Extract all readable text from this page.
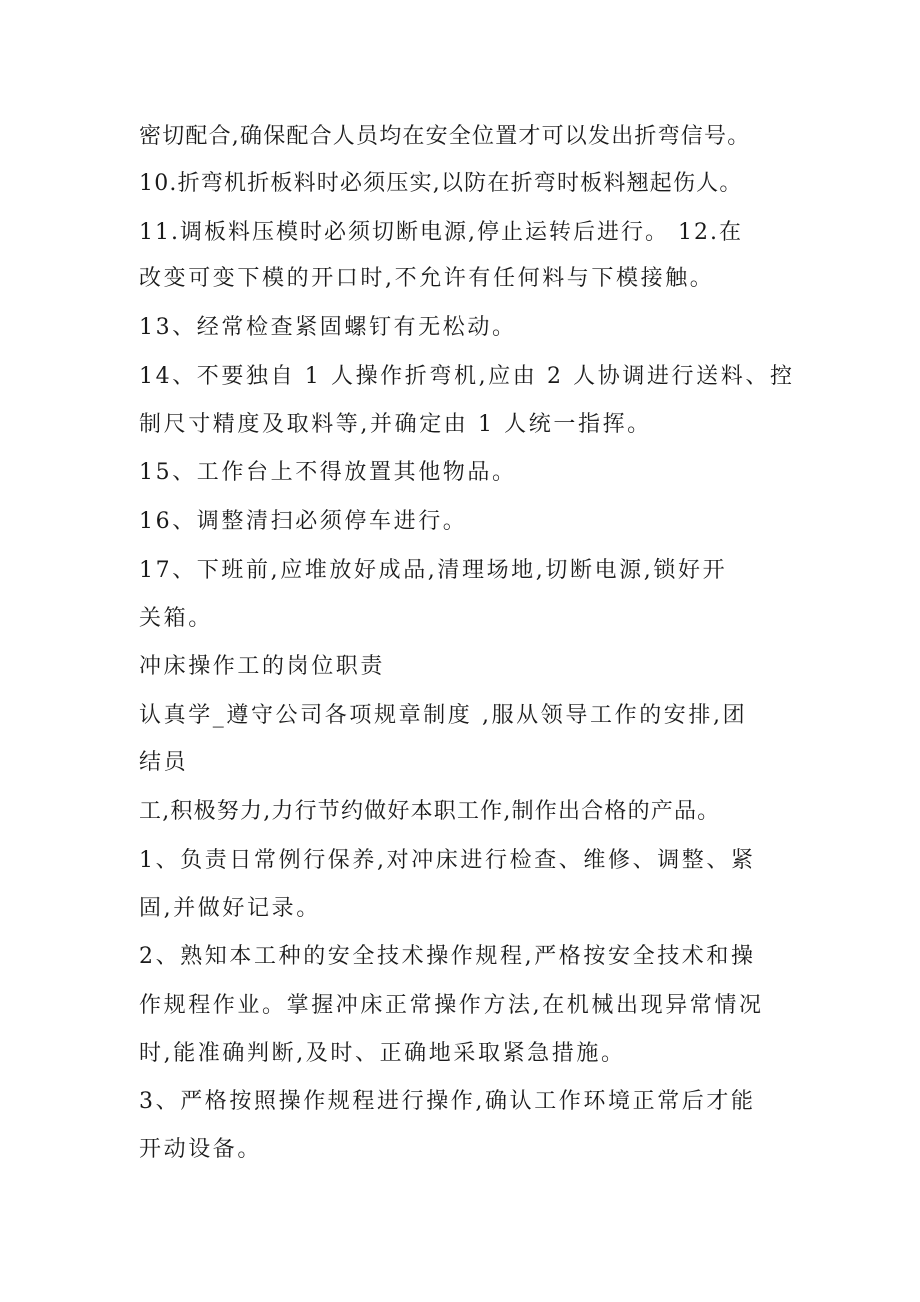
密切配合,确保配合人员均在安全位置才可以发出折弯信号。
10.折弯机折板料时必须压实,以防在折弯时板料翘起伤人。
11.调板料压模时必须切断电源,停止运转后进行。 12.在
改变可变下模的开口时,不允许有任何料与下模接触。
13、经常检查紧固螺钉有无松动。
14、不要独自 1 人操作折弯机,应由 2 人协调进行送料、控
制尺寸精度及取料等,并确定由 1 人统一指挥。
15、工作台上不得放置其他物品。
16、调整清扫必须停车进行。
17、下班前,应堆放好成品,清理场地,切断电源,锁好开
关箱。
冲床操作工的岗位职责
认真学_遵守公司各项规章制度 ,服从领导工作的安排,团
结员
工,积极努力,力行节约做好本职工作,制作出合格的产品。
1、负责日常例行保养,对冲床进行检查、维修、调整、紧
固,并做好记录。
2、熟知本工种的安全技术操作规程,严格按安全技术和操
作规程作业。掌握冲床正常操作方法,在机械出现异常情况
时,能准确判断,及时、正确地采取紧急措施。
3、严格按照操作规程进行操作,确认工作环境正常后才能
开动设备。
